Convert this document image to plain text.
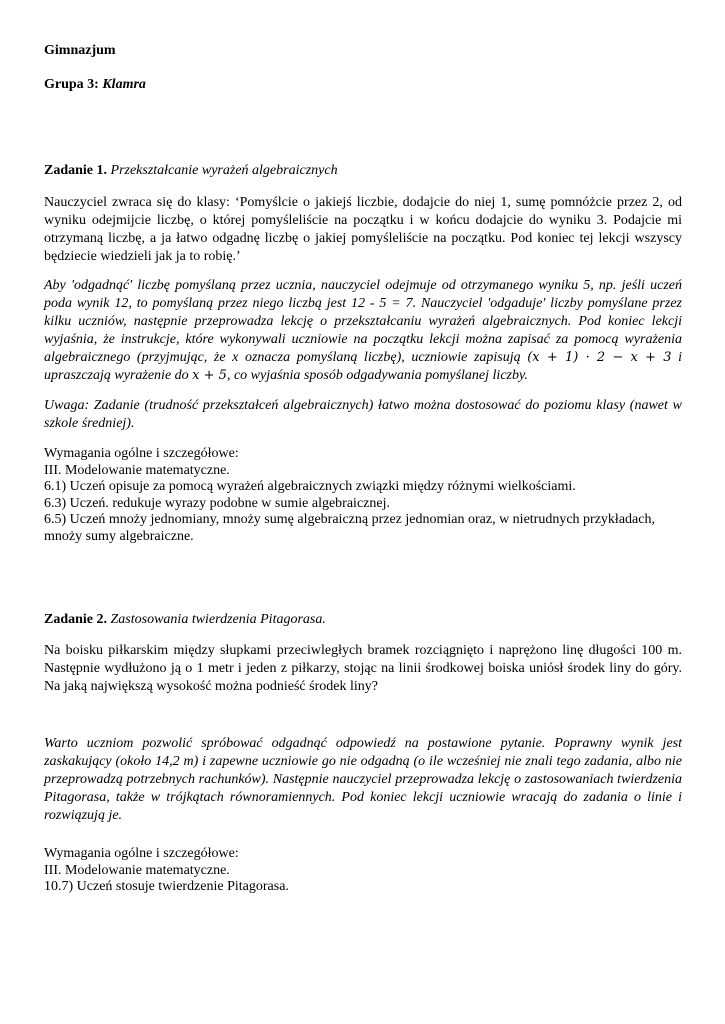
Gimnazjum
Grupa 3: Klamra
Zadanie 1. Przekształcanie wyrażeń algebraicznych
Nauczyciel zwraca się do klasy: ‘Pomyślcie o jakiejś liczbie, dodajcie do niej 1, sumę pomnóżcie przez 2, od wyniku odejmijcie liczbę, o której pomyśleliście na początku i w końcu dodajcie do wyniku 3. Podajcie mi otrzymaną liczbę, a ja łatwo odgadnę liczbę o jakiej pomyśleliście na początku. Pod koniec tej lekcji wszyscy będziecie wiedzieli jak ja to robię.’
Aby 'odgadnąć' liczbę pomyślaną przez ucznia, nauczyciel odejmuje od otrzymanego wyniku 5, np. jeśli uczeń poda wynik 12, to pomyślaną przez niego liczbą jest 12 - 5 = 7. Nauczyciel 'odgaduje' liczby pomyślane przez kilku uczniów, następnie przeprowadza lekcję o przekształcaniu wyrażeń algebraicznych. Pod koniec lekcji wyjaśnia, że instrukcje, które wykonywali uczniowie na początku lekcji można zapisać za pomocą wyrażenia algebraicznego (przyjmując, że x oznacza pomyślaną liczbę), uczniowie zapisują (x + 1) · 2 − x + 3 i upraszczają wyrażenie do x + 5, co wyjaśnia sposób odgadywania pomyślanej liczby.
Uwaga: Zadanie (trudność przekształceń algebraicznych) łatwo można dostosować do poziomu klasy (nawet w szkole średniej).
Wymagania ogólne i szczegółowe:
III. Modelowanie matematyczne.
6.1) Uczeń opisuje za pomocą wyrażeń algebraicznych związki między różnymi wielkościami.
6.3) Uczeń. redukuje wyrazy podobne w sumie algebraicznej.
6.5) Uczeń mnoży jednomiany, mnoży sumę algebraiczną przez jednomian oraz, w nietrudnych przykładach, mnoży sumy algebraiczne.
Zadanie 2. Zastosowania twierdzenia Pitagorasa.
Na boisku piłkarskim między słupkami przeciwległych bramek rozciągnięto i naprężono linę długości 100 m. Następnie wydłużono ją o 1 metr i jeden z piłkarzy, stojąc na linii środkowej boiska uniósł środek liny do góry. Na jaką największą wysokość można podnieść środek liny?
Warto uczniom pozwolić spróbować odgadnąć odpowiedź na postawione pytanie. Poprawny wynik jest zaskakujący (około 14,2 m) i zapewne uczniowie go nie odgadną (o ile wcześniej nie znali tego zadania, albo nie przeprowadzą potrzebnych rachunków). Następnie nauczyciel przeprowadza lekcję o zastosowaniach twierdzenia Pitagorasa, także w trójkątach równoramiennych. Pod koniec lekcji uczniowie wracają do zadania o linie i rozwiązują je.
Wymagania ogólne i szczegółowe:
III. Modelowanie matematyczne.
10.7) Uczeń stosuje twierdzenie Pitagorasa.
